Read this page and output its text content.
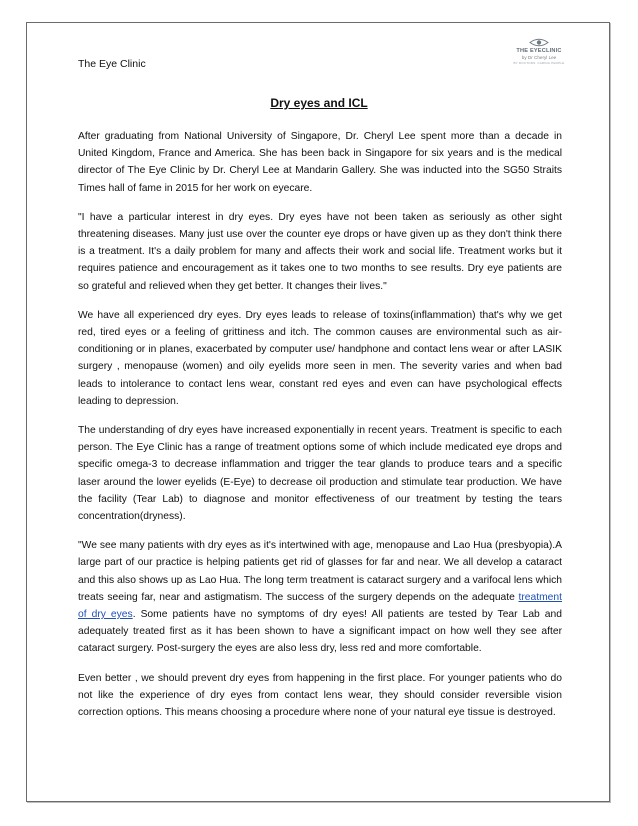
The Eye Clinic
THE EYECLINIC
by Dr Cheryl Lee
BY DOCTORS. CARING PEOPLE
Dry eyes and ICL

After graduating from National University of Singapore, Dr. Cheryl Lee spent more than a decade in United Kingdom, France and America. She has been back in Singapore for six years and is the medical director of The Eye Clinic by Dr. Cheryl Lee at Mandarin Gallery. She was inducted into the SG50 Straits Times hall of fame in 2015 for her work on eyecare.

"I have a particular interest in dry eyes. Dry eyes have not been taken as seriously as other sight threatening diseases. Many just use over the counter eye drops or have given up as they don't think there is a treatment. It's a daily problem for many and affects their work and social life. Treatment works but it requires patience and encouragement as it takes one to two months to see results. Dry eye patients are so grateful and relieved when they get better. It changes their lives."

We have all experienced dry eyes. Dry eyes leads to release of toxins(inflammation) that's why we get red, tired eyes or a feeling of grittiness and itch. The common causes are environmental such as air-conditioning or in planes, exacerbated by computer use/ handphone and contact lens wear or after LASIK surgery , menopause (women) and oily eyelids more seen in men. The severity varies and when bad leads to intolerance to contact lens wear, constant red eyes and even can have psychological effects leading to depression.

The understanding of dry eyes have increased exponentially in recent years. Treatment is specific to each person. The Eye Clinic has a range of treatment options some of which include medicated eye drops and specific omega-3 to decrease inflammation and trigger the tear glands to produce tears and a specific laser around the lower eyelids (E-Eye) to decrease oil production and stimulate tear production. We have the facility (Tear Lab) to diagnose and monitor effectiveness of our treatment by testing the tears concentration(dryness).

"We see many patients with dry eyes as it's intertwined with age, menopause and Lao Hua (presbyopia).A large part of our practice is helping patients get rid of glasses for far and near. We all develop a cataract and this also shows up as Lao Hua. The long term treatment is cataract surgery and a varifocal lens which treats seeing far, near and astigmatism. The success of the surgery depends on the adequate treatment of dry eyes. Some patients have no symptoms of dry eyes! All patients are tested by Tear Lab and adequately treated first as it has been shown to have a significant impact on how well they see after cataract surgery. Post-surgery the eyes are also less dry, less red and more comfortable.

Even better , we should prevent dry eyes from happening in the first place. For younger patients who do not like the experience of dry eyes from contact lens wear, they should consider reversible vision correction options. This means choosing a procedure where none of your natural eye tissue is destroyed.
